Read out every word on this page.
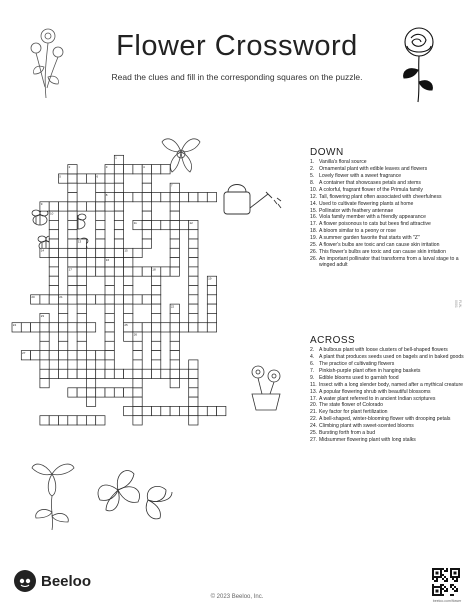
Flower Crossword
Read the clues and fill in the corresponding squares on the puzzle.
1
2	3	4
5	6
7
8
9
10
11	12
13
14	15
16
17	18
19
20	21
22
23
24	25
26
27
DOWN
1. Vanilla's floral source
2. Ornamental plant with edible leaves and flowers
5. Lovely flower with a sweet fragrance
8. A container that showcases petals and stems
10. A colorful, fragrant flower of the Primula family
12. Tall, flowering plant often associated with cheerfulness
14. Used to cultivate flowering plants at home
15. Pollinator with feathery antennae
16. Viola family member with a friendly appearance
17. A flower poisonous to cats but bees find attractive
18. A bloom similar to a peony or rose
19. A summer garden favorite that starts with "Z"
25. A flower's bulbs are toxic and can cause skin irritation
26. This flower's bulbs are toxic and can cause skin irritation
26. An important pollinator that transforms from a larval stage to a winged adult
ACROSS
2. A bulbous plant with loose clusters of bell-shaped flowers
4. A plant that produces seeds used on bagels and in baked goods
6. The practice of cultivating flowers
7. Pinkish-purple plant often in hanging baskets
9. Edible blooms used to garnish food
11. Insect with a long slender body, named after a mythical creature
13. A popular flowering shrub with beautiful blossoms
17. A water plant referred to in ancient Indian scriptures
20. The state flower of Colorado
21. Key factor for plant fertilization
22. A bell-shaped, winter-blooming flower with drooping petals
24. Climbing plant with sweet-scented blooms
25. Bursting forth from a bud
27. Midsummer flowering plant with long stalks
Beeloo
© 2023 Beeloo, Inc.
beeloo.com/flower
FLW-0001
